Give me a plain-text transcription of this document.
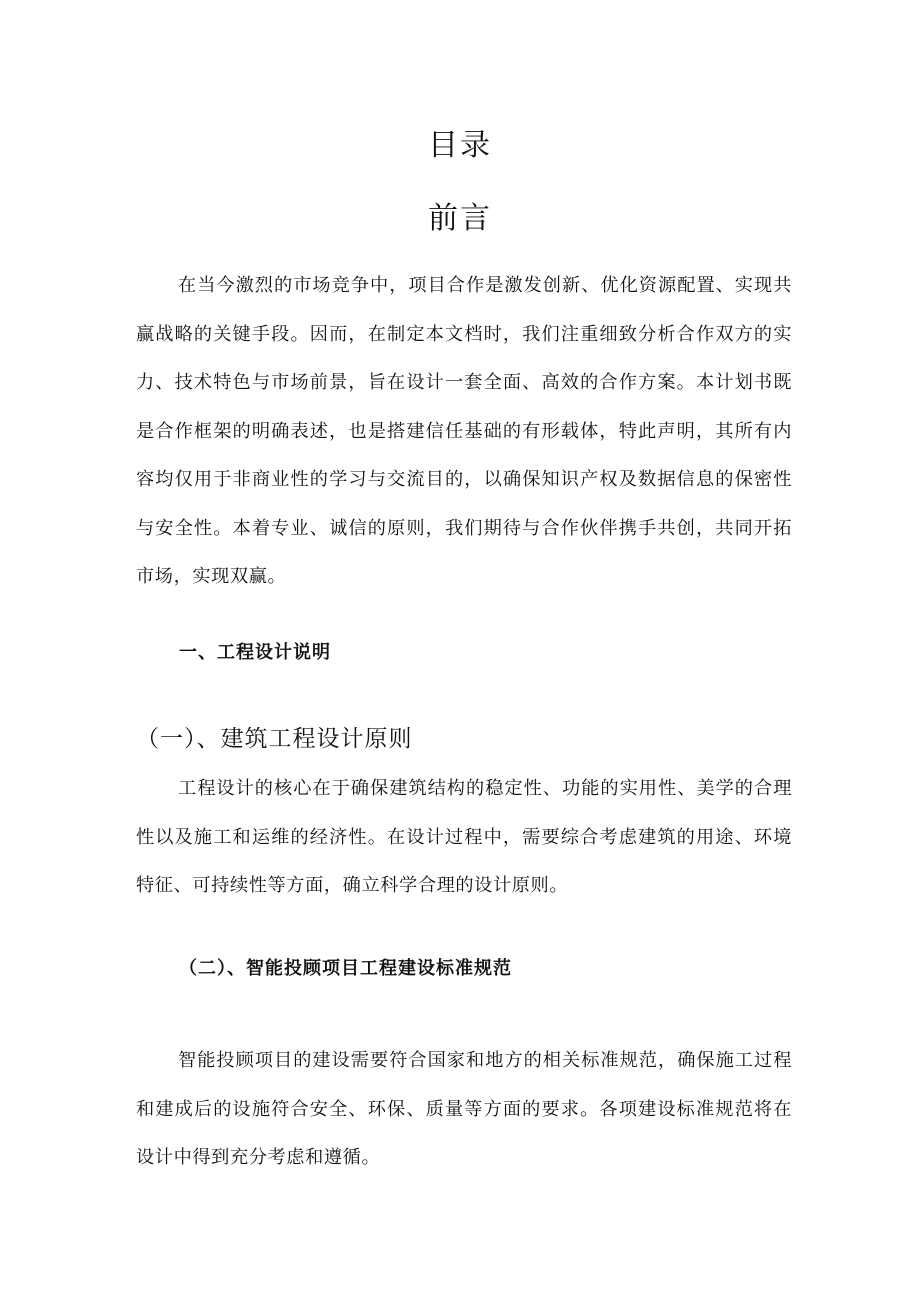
目录
前言

在当今激烈的市场竞争中，项目合作是激发创新、优化资源配置、实现共赢战略的关键手段。因而，在制定本文档时，我们注重细致分析合作双方的实力、技术特色与市场前景，旨在设计一套全面、高效的合作方案。本计划书既是合作框架的明确表述，也是搭建信任基础的有形载体，特此声明，其所有内容均仅用于非商业性的学习与交流目的，以确保知识产权及数据信息的保密性与安全性。本着专业、诚信的原则，我们期待与合作伙伴携手共创，共同开拓市场，实现双赢。

一、工程设计说明
（一）、建筑工程设计原则

工程设计的核心在于确保建筑结构的稳定性、功能的实用性、美学的合理性以及施工和运维的经济性。在设计过程中，需要综合考虑建筑的用途、环境特征、可持续性等方面，确立科学合理的设计原则。

（二）、智能投顾项目工程建设标准规范

智能投顾项目的建设需要符合国家和地方的相关标准规范，确保施工过程和建成后的设施符合安全、环保、质量等方面的要求。各项建设标准规范将在设计中得到充分考虑和遵循。
